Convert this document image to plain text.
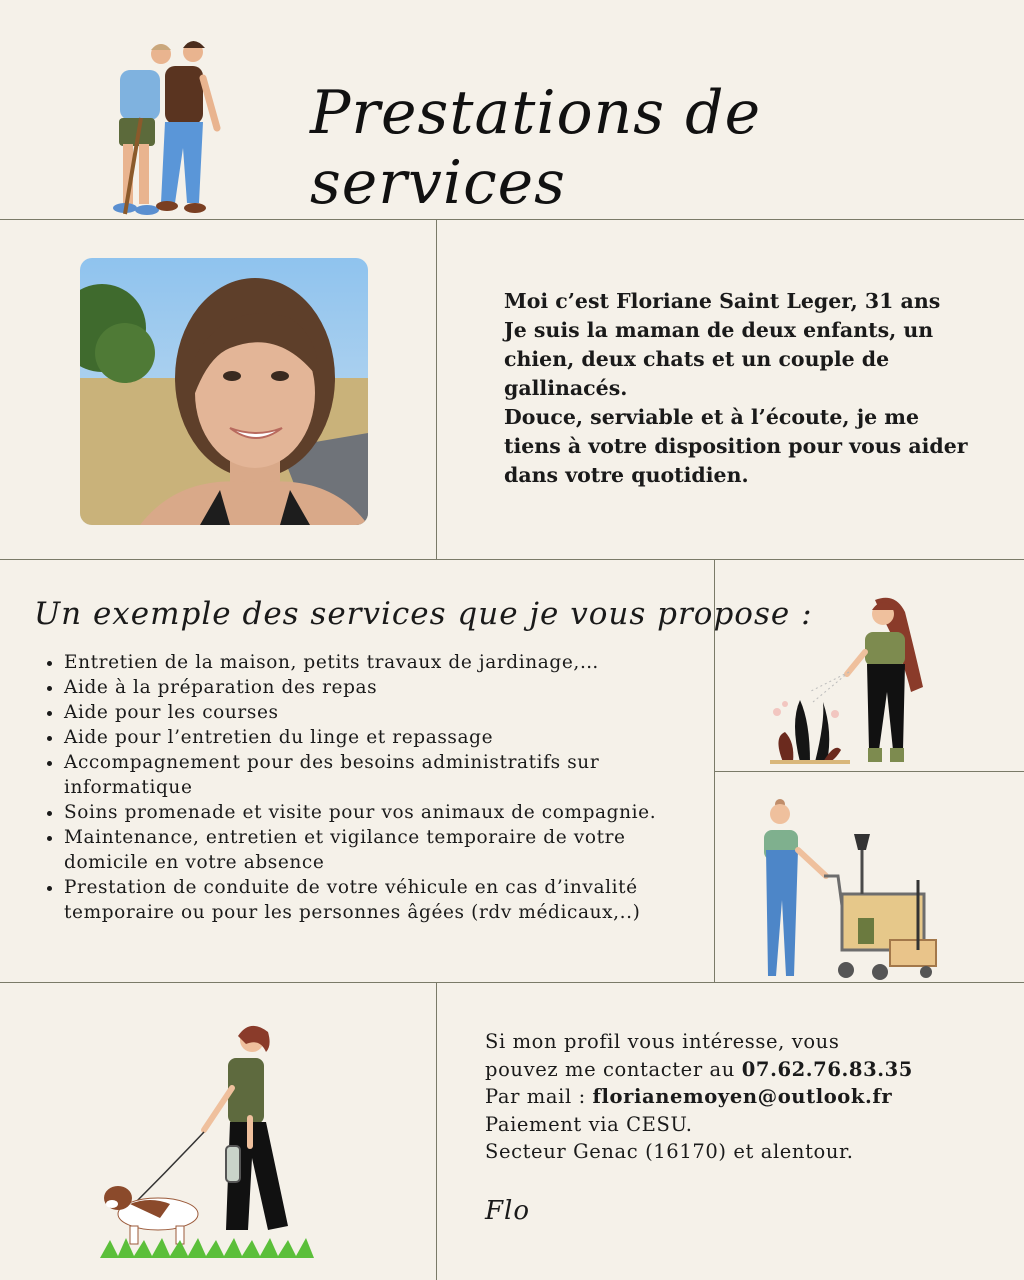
Prestations de services

Moi c’est Floriane Saint Leger, 31 ans

Je suis la maman de deux enfants, un chien, deux chats et un couple de gallinacés.

Douce, serviable et à l’écoute, je me tiens à votre disposition pour vous aider dans votre quotidien.

Un exemple des services que je vous propose :
• Entretien de la maison, petits travaux de jardinage,…
• Aide à la préparation des repas
• Aide pour les courses
• Aide pour l’entretien du linge et repassage
• Accompagnement pour des besoins administratifs sur informatique
• Soins promenade et visite pour vos animaux de compagnie.
• Maintenance, entretien et vigilance temporaire de votre domicile en votre absence
• Prestation de conduite de votre véhicule en cas d’invalité temporaire ou pour les personnes âgées (rdv médicaux,..)

Si mon profil vous intéresse, vous

pouvez me contacter au 07.62.76.83.35

Par mail : florianemoyen@outlook.fr

Paiement via CESU.

Secteur Genac (16170) et alentour.

Flo
